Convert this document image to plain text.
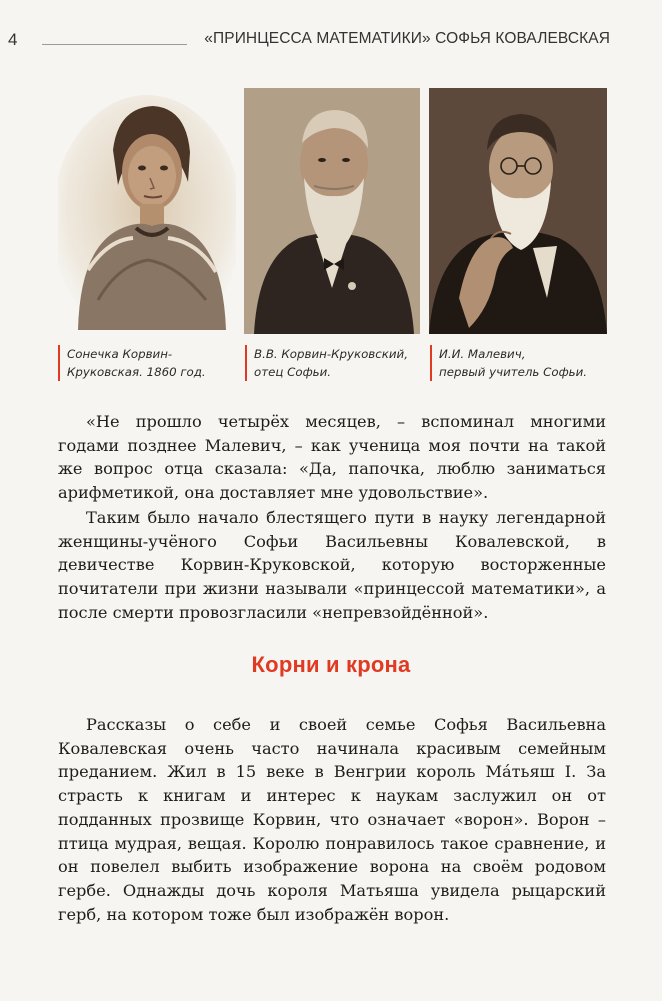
4	«ПРИНЦЕССА МАТЕМАТИКИ» СОФЬЯ КОВАЛЕВСКАЯ
Сонечка Корвин-
Круковская. 1860 год.
В.В. Корвин-Круковский,
отец Софьи.
И.И. Малевич,
первый учитель Софьи.

«Не прошло четырёх месяцев, – вспоминал многими годами позднее Малевич, – как ученица моя почти на такой же вопрос отца сказала: «Да, папочка, люблю заниматься арифметикой, она доставляет мне удовольствие».

Таким было начало блестящего пути в науку легендарной женщины-учёного Софьи Васильевны Ковалевской, в девичестве Корвин-Круковской, которую восторженные почитатели при жизни называли «принцессой математики», а после смерти провозгласили «непревзойдённой».

Корни и крона

Рассказы о себе и своей семье Софья Васильевна Ковалевская очень часто начинала красивым семейным преданием. Жил в 15 веке в Венгрии король Ма́тьяш I. За страсть к книгам и интерес к наукам заслужил он от подданных прозвище Корвин, что означает «ворон». Ворон – птица мудрая, вещая. Королю понравилось такое сравнение, и он повелел выбить изображение ворона на своём родовом гербе. Однажды дочь короля Матьяша увидела рыцарский герб, на котором тоже был изображён ворон.
